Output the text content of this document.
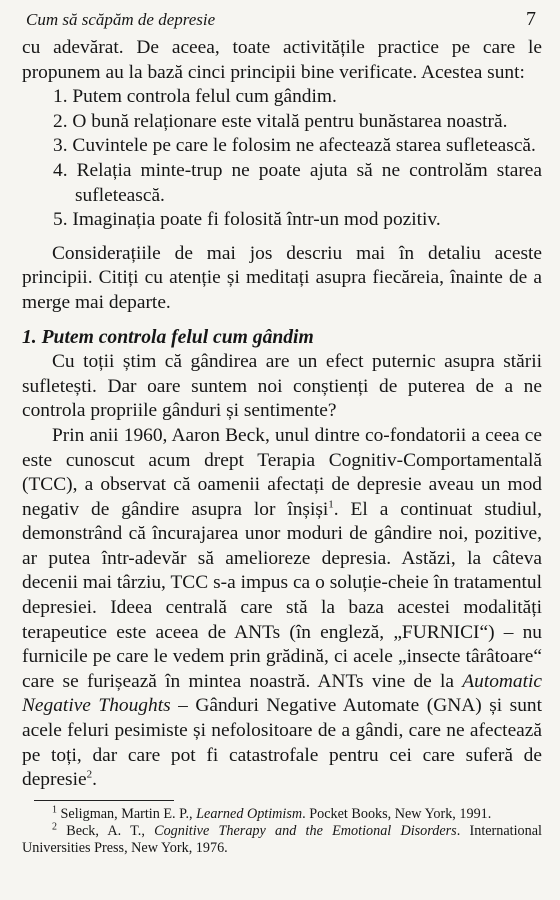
Cum să scăpăm de depresie	7

cu adevărat. De aceea, toate activitățile practice pe care le propunem au la bază cinci principii bine verificate. Acestea sunt:

1. Putem controla felul cum gândim.
2. O bună relaționare este vitală pentru bunăstarea noastră.
3. Cuvintele pe care le folosim ne afectează starea sufletească.
4. Relația minte-trup ne poate ajuta să ne controlăm starea sufletească.
5. Imaginația poate fi folosită într-un mod pozitiv.

Considerațiile de mai jos descriu mai în detaliu aceste principii. Citiți cu atenție și meditați asupra fiecăreia, înainte de a merge mai departe.

1. Putem controla felul cum gândim

Cu toții știm că gândirea are un efect puternic asupra stării sufletești. Dar oare suntem noi conștienți de puterea de a ne controla propriile gânduri și sentimente?

Prin anii 1960, Aaron Beck, unul dintre co-fondatorii a ceea ce este cunoscut acum drept Terapia Cognitiv-Comportamentală (TCC), a observat că oamenii afectați de depresie aveau un mod negativ de gândire asupra lor înșiși$^1$. El a continuat studiul, demonstrând că încurajarea unor moduri de gândire noi, pozitive, ar putea într-adevăr să amelioreze depresia. Astăzi, la câteva decenii mai târziu, TCC s-a impus ca o soluție-cheie în tratamentul depresiei. Ideea centrală care stă la baza acestei modalități terapeutice este aceea de ANTs (în engleză, „FURNICI“) – nu furnicile pe care le vedem prin grădină, ci acele „insecte târâtoare“ care se furișează în mintea noastră. ANTs vine de la Automatic Negative Thoughts – Gânduri Negative Automate (GNA) și sunt acele feluri pesimiste și nefolositoare de a gândi, care ne afectează pe toți, dar care pot fi catastrofale pentru cei care suferă de depresie$^2$.

$^1$ Seligman, Martin E. P., Learned Optimism. Pocket Books, New York, 1991.

$^2$ Beck, A. T., Cognitive Therapy and the Emotional Disorders. International Universities Press, New York, 1976.
